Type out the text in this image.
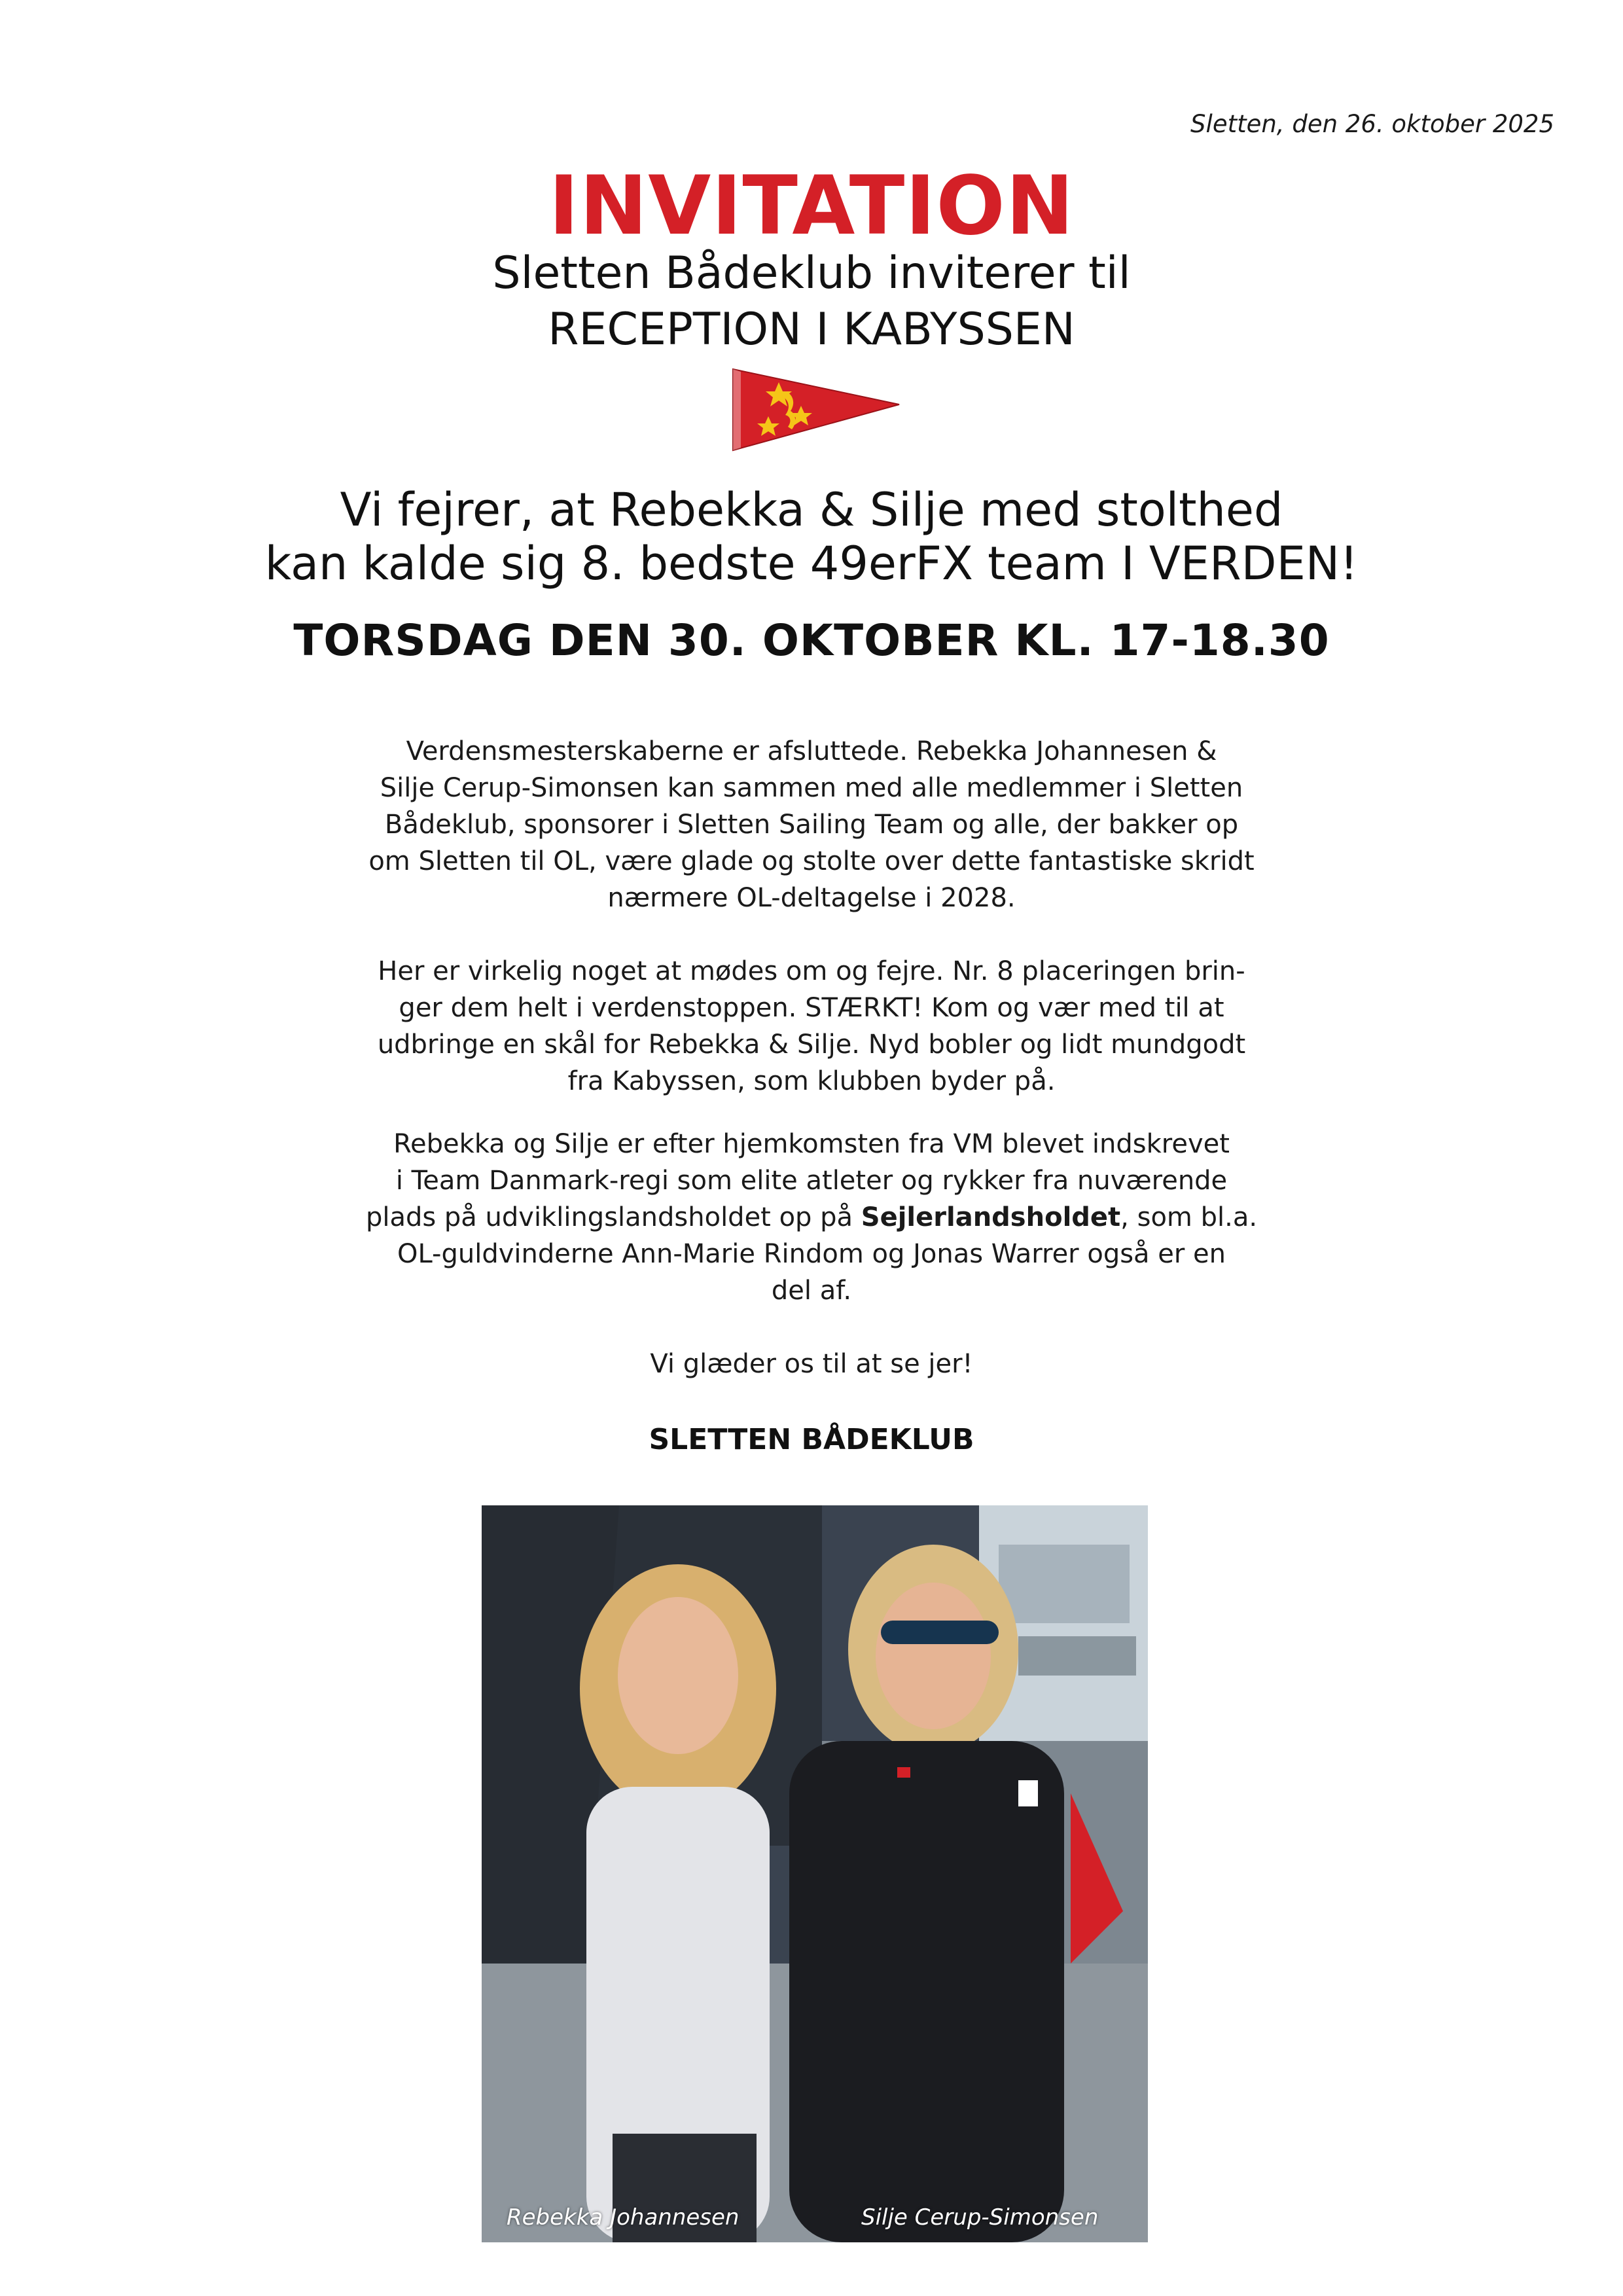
Sletten, den 26. oktober 2025
INVITATION
Sletten Bådeklub inviterer til
RECEPTION I KABYSSEN
Vi fejrer, at Rebekka & Silje med stolthed
kan kalde sig 8. bedste 49erFX team I VERDEN!
TORSDAG DEN 30. OKTOBER KL. 17-18.30
Verdensmesterskaberne er afsluttede. Rebekka Johannesen &
Silje Cerup-Simonsen kan sammen med alle medlemmer i Sletten
Bådeklub, sponsorer i Sletten Sailing Team og alle, der bakker op
om Sletten til OL, være glade og stolte over dette fantastiske skridt
nærmere OL-deltagelse i 2028.
Her er virkelig noget at mødes om og fejre. Nr. 8 placeringen brin-
ger dem helt i verdenstoppen. STÆRKT! Kom og vær med til at
udbringe en skål for Rebekka & Silje. Nyd bobler og lidt mundgodt
fra Kabyssen, som klubben byder på.
Rebekka og Silje er efter hjemkomsten fra VM blevet indskrevet
i Team Danmark-regi som elite atleter og rykker fra nuværende
plads på udviklingslandsholdet op på Sejlerlandsholdet, som bl.a.
OL-guldvinderne Ann-Marie Rindom og Jonas Warrer også er en
del af.
Vi glæder os til at se jer!
SLETTEN BÅDEKLUB
Rebekka Johannesen	Silje Cerup-Simonsen
